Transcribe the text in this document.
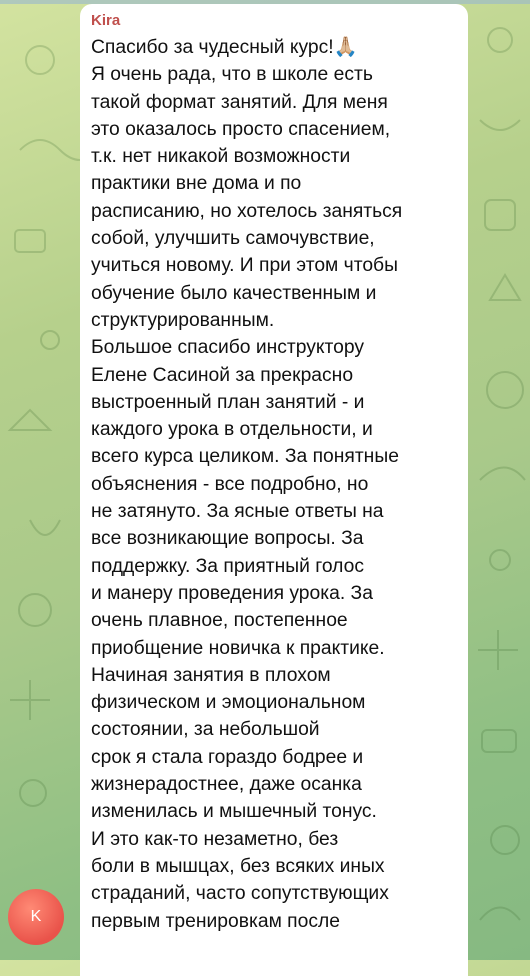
Kira

Спасибо за чудесный курс!🙏🏼
Я очень рада, что в школе есть
такой формат занятий. Для меня
это оказалось просто спасением,
т.к. нет никакой возможности
практики вне дома и по
расписанию, но хотелось заняться
собой, улучшить самочувствие,
учиться новому. И при этом чтобы
обучение было качественным и
структурированным.
Большое спасибо инструктору
Елене Сасиной за прекрасно
выстроенный план занятий - и
каждого урока в отдельности, и
всего курса целиком. За понятные
объяснения - все подробно, но
не затянуто. За ясные ответы на
все возникающие вопросы. За
поддержку. За приятный голос
и манеру проведения урока. За
очень плавное, постепенное
приобщение новичка к практике.
Начиная занятия в плохом
физическом и эмоциональном
состоянии, за небольшой
срок я стала гораздо бодрее и
жизнерадостнее, даже осанка
изменилась и мышечный тонус.
И это как-то незаметно, без
боли в мышцах, без всяких иных
страданий, часто сопутствующих
первым тренировкам после

K
